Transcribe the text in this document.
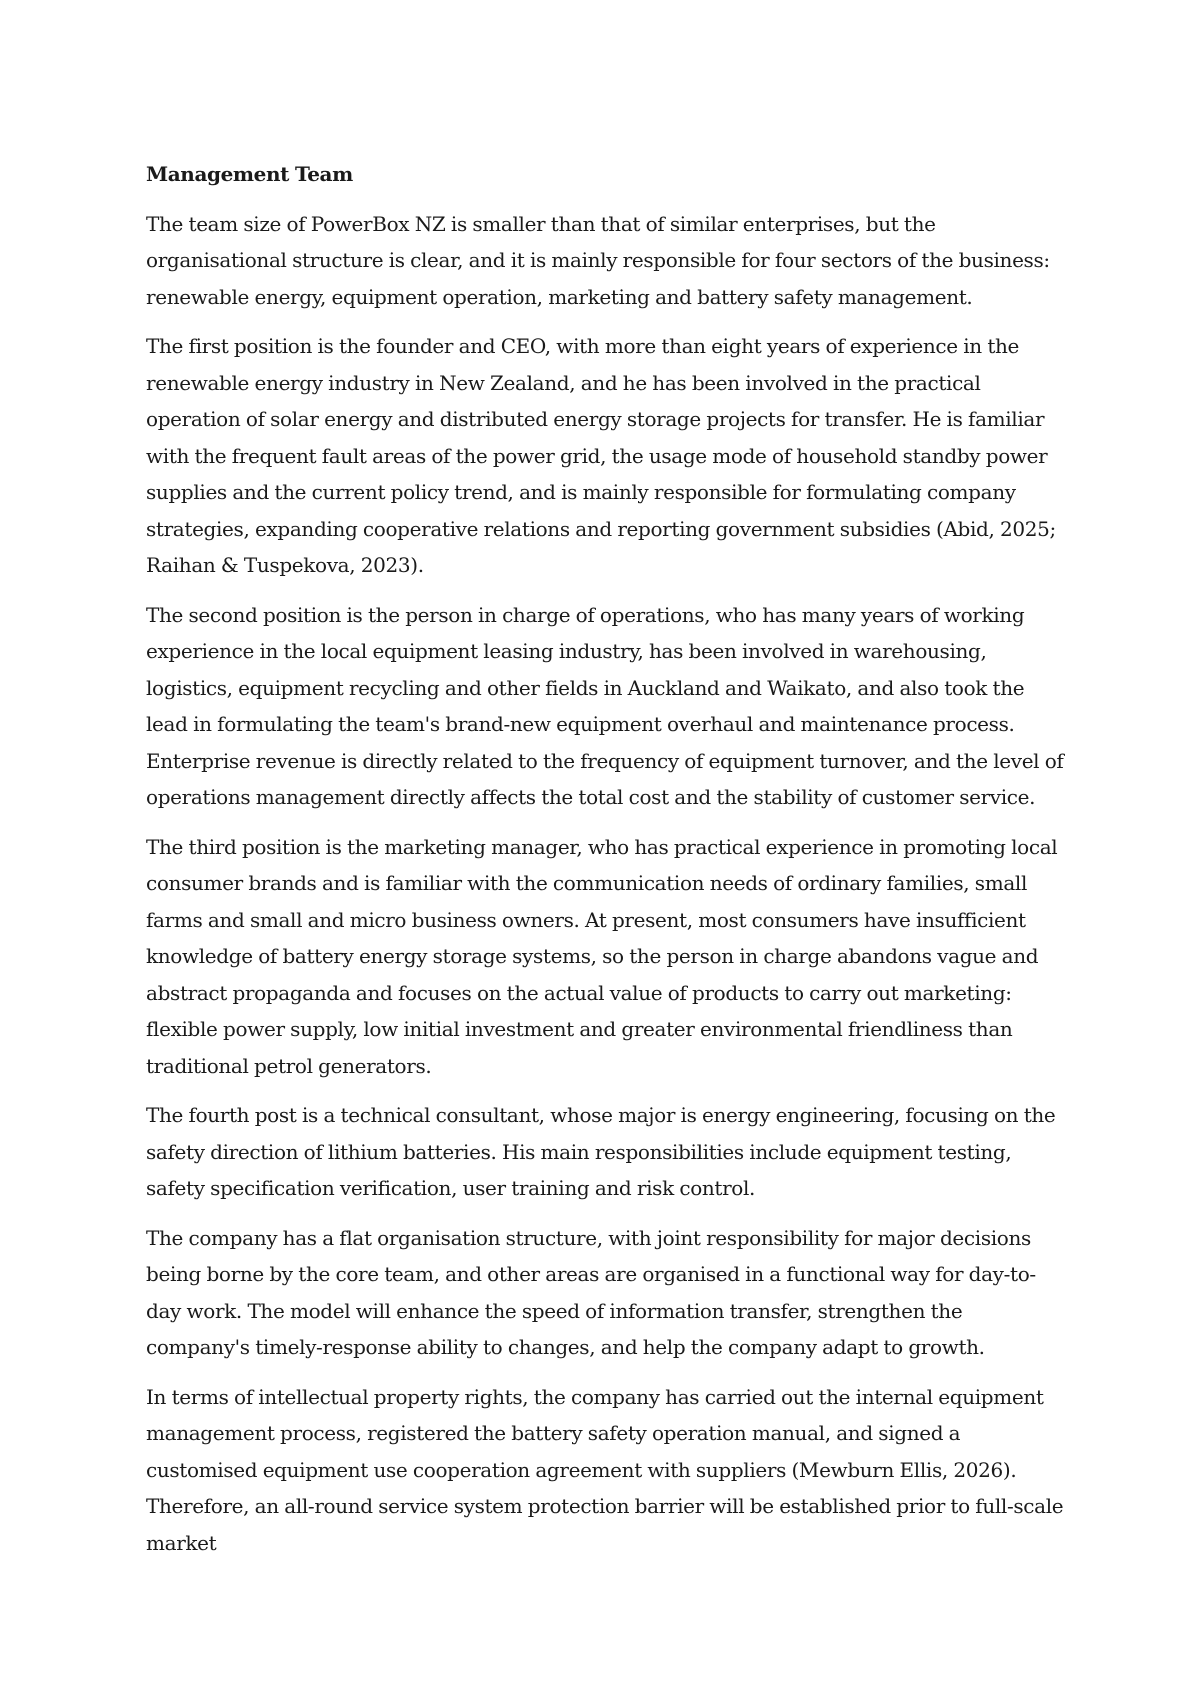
Management Team

The team size of PowerBox NZ is smaller than that of similar enterprises, but the organisational structure is clear, and it is mainly responsible for four sectors of the business: renewable energy, equipment operation, marketing and battery safety management.

The first position is the founder and CEO, with more than eight years of experience in the renewable energy industry in New Zealand, and he has been involved in the practical operation of solar energy and distributed energy storage projects for transfer. He is familiar with the frequent fault areas of the power grid, the usage mode of household standby power supplies and the current policy trend, and is mainly responsible for formulating company strategies, expanding cooperative relations and reporting government subsidies (Abid, 2025; Raihan & Tuspekova, 2023).

The second position is the person in charge of operations, who has many years of working experience in the local equipment leasing industry, has been involved in warehousing, logistics, equipment recycling and other fields in Auckland and Waikato, and also took the lead in formulating the team's brand-new equipment overhaul and maintenance process. Enterprise revenue is directly related to the frequency of equipment turnover, and the level of operations management directly affects the total cost and the stability of customer service.

The third position is the marketing manager, who has practical experience in promoting local consumer brands and is familiar with the communication needs of ordinary families, small farms and small and micro business owners. At present, most consumers have insufficient knowledge of battery energy storage systems, so the person in charge abandons vague and abstract propaganda and focuses on the actual value of products to carry out marketing: flexible power supply, low initial investment and greater environmental friendliness than traditional petrol generators.

The fourth post is a technical consultant, whose major is energy engineering, focusing on the safety direction of lithium batteries. His main responsibilities include equipment testing, safety specification verification, user training and risk control.

The company has a flat organisation structure, with joint responsibility for major decisions being borne by the core team, and other areas are organised in a functional way for day-to-day work. The model will enhance the speed of information transfer, strengthen the company's timely-response ability to changes, and help the company adapt to growth.

In terms of intellectual property rights, the company has carried out the internal equipment management process, registered the battery safety operation manual, and signed a customised equipment use cooperation agreement with suppliers (Mewburn Ellis, 2026). Therefore, an all-round service system protection barrier will be established prior to full-scale market
